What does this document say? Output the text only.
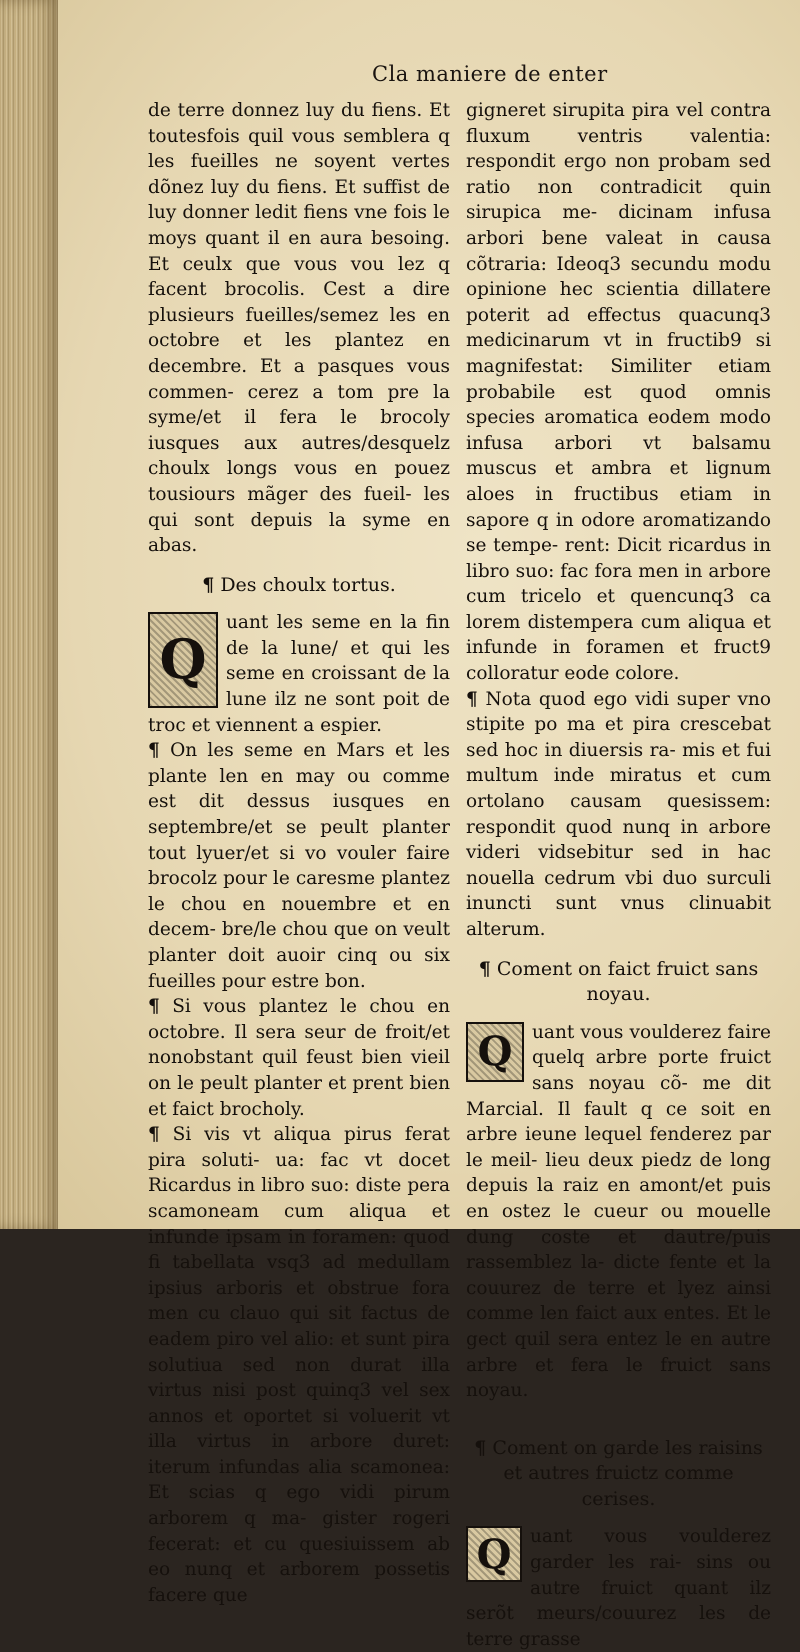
Cla maniere de enter

de terre donnez luy du fiens. Et toutesfois quil vous semblera q les fueilles ne soyent vertes dõnez luy du fiens. Et suffist de luy donner ledit fiens vne fois le moys quant il en aura besoing. Et ceulx que vous vou lez q facent brocolis. Cest a dire plusieurs fueilles/semez les en octobre et les plantez en decembre. Et a pasques vous commen- cerez a tom pre la syme/et il fera le brocoly iusques aux autres/desquelz choulx longs vous en pouez tousiours mãger des fueil- les qui sont depuis la syme en abas.

¶ Des choulx tortus.

Q
uant les seme en la fin de la lune/ et qui les seme en croissant de la lune ilz ne sont poit de troc et viennent a espier.

¶ On les seme en Mars et les plante len en may ou comme est dit dessus iusques en septembre/et se peult planter tout lyuer/et si vo vouler faire brocolz pour le caresme plantez le chou en nouembre et en decem- bre/le chou que on veult planter doit auoir cinq ou six fueilles pour estre bon.

¶ Si vous plantez le chou en octobre. Il sera seur de froit/et nonobstant quil feust bien vieil on le peult planter et prent bien et faict brocholy.

¶ Si vis vt aliqua pirus ferat pira soluti- ua: fac vt docet Ricardus in libro suo: diste pera scamoneam cum aliqua et infunde ipsam in foramen: quod fi tabellata vsq3 ad medullam ipsius arboris et obstrue fora men cu clauo qui sit factus de eadem piro vel alio: et sunt pira solutiua sed non durat illa virtus nisi post quinq3 vel sex annos et oportet si voluerit vt illa virtus in arbore duret: iterum infundas alia scamonea: Et scias q ego vidi pirum arborem q ma- gister rogeri fecerat: et cu quesiuissem ab eo nunq et arborem possetis facere que

gigneret sirupita pira vel contra fluxum ventris valentia: respondit ergo non probam sed ratio non contradicit quin sirupica me- dicinam infusa arbori bene valeat in causa cõtraria: Ideoq3 secundu modu opinione hec scientia dillatere poterit ad effectus quacunq3 medicinarum vt in fructib9 si magnifestat: Similiter etiam probabile est quod omnis species aromatica eodem modo infusa arbori vt balsamu muscus et ambra et lignum aloes in fructibus etiam in sapore q in odore aromatizando se tempe- rent: Dicit ricardus in libro suo: fac fora men in arbore cum tricelo et quencunq3 ca lorem distempera cum aliqua et infunde in foramen et fruct9 colloratur eode colore.

¶ Nota quod ego vidi super vno stipite po ma et pira crescebat sed hoc in diuersis ra- mis et fui multum inde miratus et cum ortolano causam quesissem: respondit quod nunq in arbore videri vidsebitur sed in hac nouella cedrum vbi duo surculi inuncti sunt vnus clinuabit alterum.

¶ Coment on faict fruict sans noyau.

Q	uant vous voulderez faire quelq arbre porte fruict sans noyau cõ- me dit Marcial. Il fault q ce soit en arbre ieune lequel fenderez par le meil- lieu deux piedz de long depuis la raiz en amont/et puis en ostez le cueur ou mouelle dung coste et dautre/puis rassemblez la- dicte fente et la couurez de terre et lyez ainsi comme len faict aux entes. Et le gect quil sera entez le en autre arbre et fera le fruict sans noyau.

¶ Coment on garde les raisins et autres fruictz comme cerises.

Q	uant vous voulderez garder les rai- sins ou autre fruict quant ilz serõt meurs/couurez les de terre grasse
